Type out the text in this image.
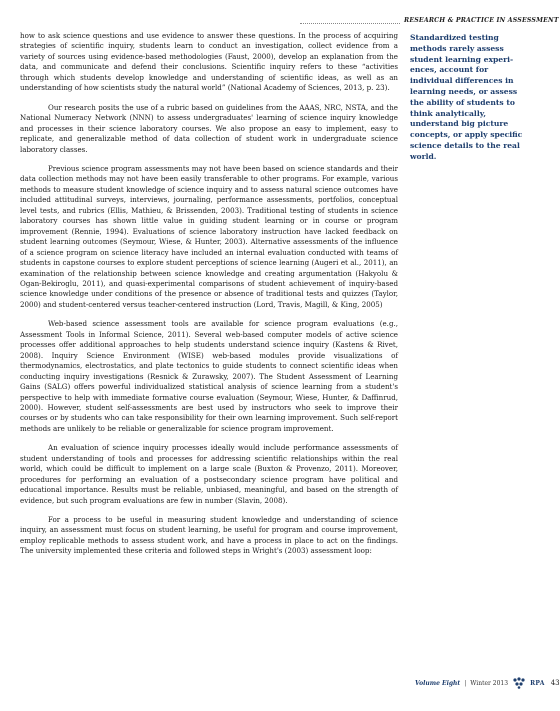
RESEARCH & PRACTICE IN ASSESSMENT
Standardized testing methods rarely assess student learning experi-ences, account for individual differences in learning needs, or assess the ability of students to think analytically, understand big picture concepts, or apply specific science details to the real world.

how to ask science questions and use evidence to answer these questions. In the process of acquiring strategies of scientific inquiry, students learn to conduct an investigation, collect evidence from a variety of sources using evidence-based methodologies (Faust, 2000), develop an explanation from the data, and communicate and defend their conclusions. Scientific inquiry refers to these “activities through which students develop knowledge and understanding of scientific ideas, as well as an understanding of how scientists study the natural world” (National Academy of Sciences, 2013, p. 23).

Our research posits the use of a rubric based on guidelines from the AAAS, NRC, NSTA, and the National Numeracy Network (NNN) to assess undergraduates' learning of science inquiry knowledge and processes in their science laboratory courses. We also propose an easy to implement, easy to replicate, and generalizable method of data collection of student work in undergraduate science laboratory classes.

Previous science program assessments may not have been based on science standards and their data collection methods may not have been easily transferable to other programs. For example, various methods to measure student knowledge of science inquiry and to assess natural science outcomes have included attitudinal surveys, interviews, journaling, performance assessments, portfolios, conceptual level tests, and rubrics (Ellis, Mathieu, & Brissenden, 2003). Traditional testing of students in science laboratory courses has shown little value in guiding student learning or in course or program improvement (Rennie, 1994). Evaluations of science laboratory instruction have lacked feedback on student learning outcomes (Seymour, Wiese, & Hunter, 2003). Alternative assessments of the influence of a science program on science literacy have included an internal evaluation conducted with teams of students in capstone courses to explore student perceptions of science learning (Augeri et al., 2011), an examination of the relationship between science knowledge and creating argumentation (Hakyolu & Ogan-Bekiroglu, 2011), and quasi-experimental comparisons of student achievement of inquiry-based science knowledge under conditions of the presence or absence of traditional tests and quizzes (Taylor, 2000) and student-centered versus teacher-centered instruction (Lord, Travis, Magill, & King, 2005)

Web-based science assessment tools are available for science program evaluations (e.g., Assessment Tools in Informal Science, 2011). Several web-based computer models of active science processes offer additional approaches to help students understand science inquiry (Kastens & Rivet, 2008). Inquiry Science Environment (WISE) web-based modules provide visualizations of thermodynamics, electrostatics, and plate tectonics to guide students to connect scientific ideas when conducting inquiry investigations (Resnick & Zurawsky, 2007). The Student Assessment of Learning Gains (SALG) offers powerful individualized statistical analysis of science learning from a student's perspective to help with immediate formative course evaluation (Seymour, Wiese, Hunter, & Daffinrud, 2000). However, student self-assessments are best used by instructors who seek to improve their courses or by students who can take responsibility for their own learning improvement. Such self-report methods are unlikely to be reliable or generalizable for science program improvement.

An evaluation of science inquiry processes ideally would include performance assessments of student understanding of tools and processes for addressing scientific relationships within the real world, which could be difficult to implement on a large scale (Buxton & Provenzo, 2011). Moreover, procedures for performing an evaluation of a postsecondary science program have political and educational importance. Results must be reliable, unbiased, meaningful, and based on the strength of evidence, but such program evaluations are few in number (Slavin, 2008).

For a process to be useful in measuring student knowledge and understanding of science inquiry, an assessment must focus on student learning, be useful for program and course improvement, employ replicable methods to assess student work, and have a process in place to act on the findings. The university implemented these criteria and followed steps in Wright's (2003) assessment loop:

Volume Eight | Winter 2013	RPA 43
